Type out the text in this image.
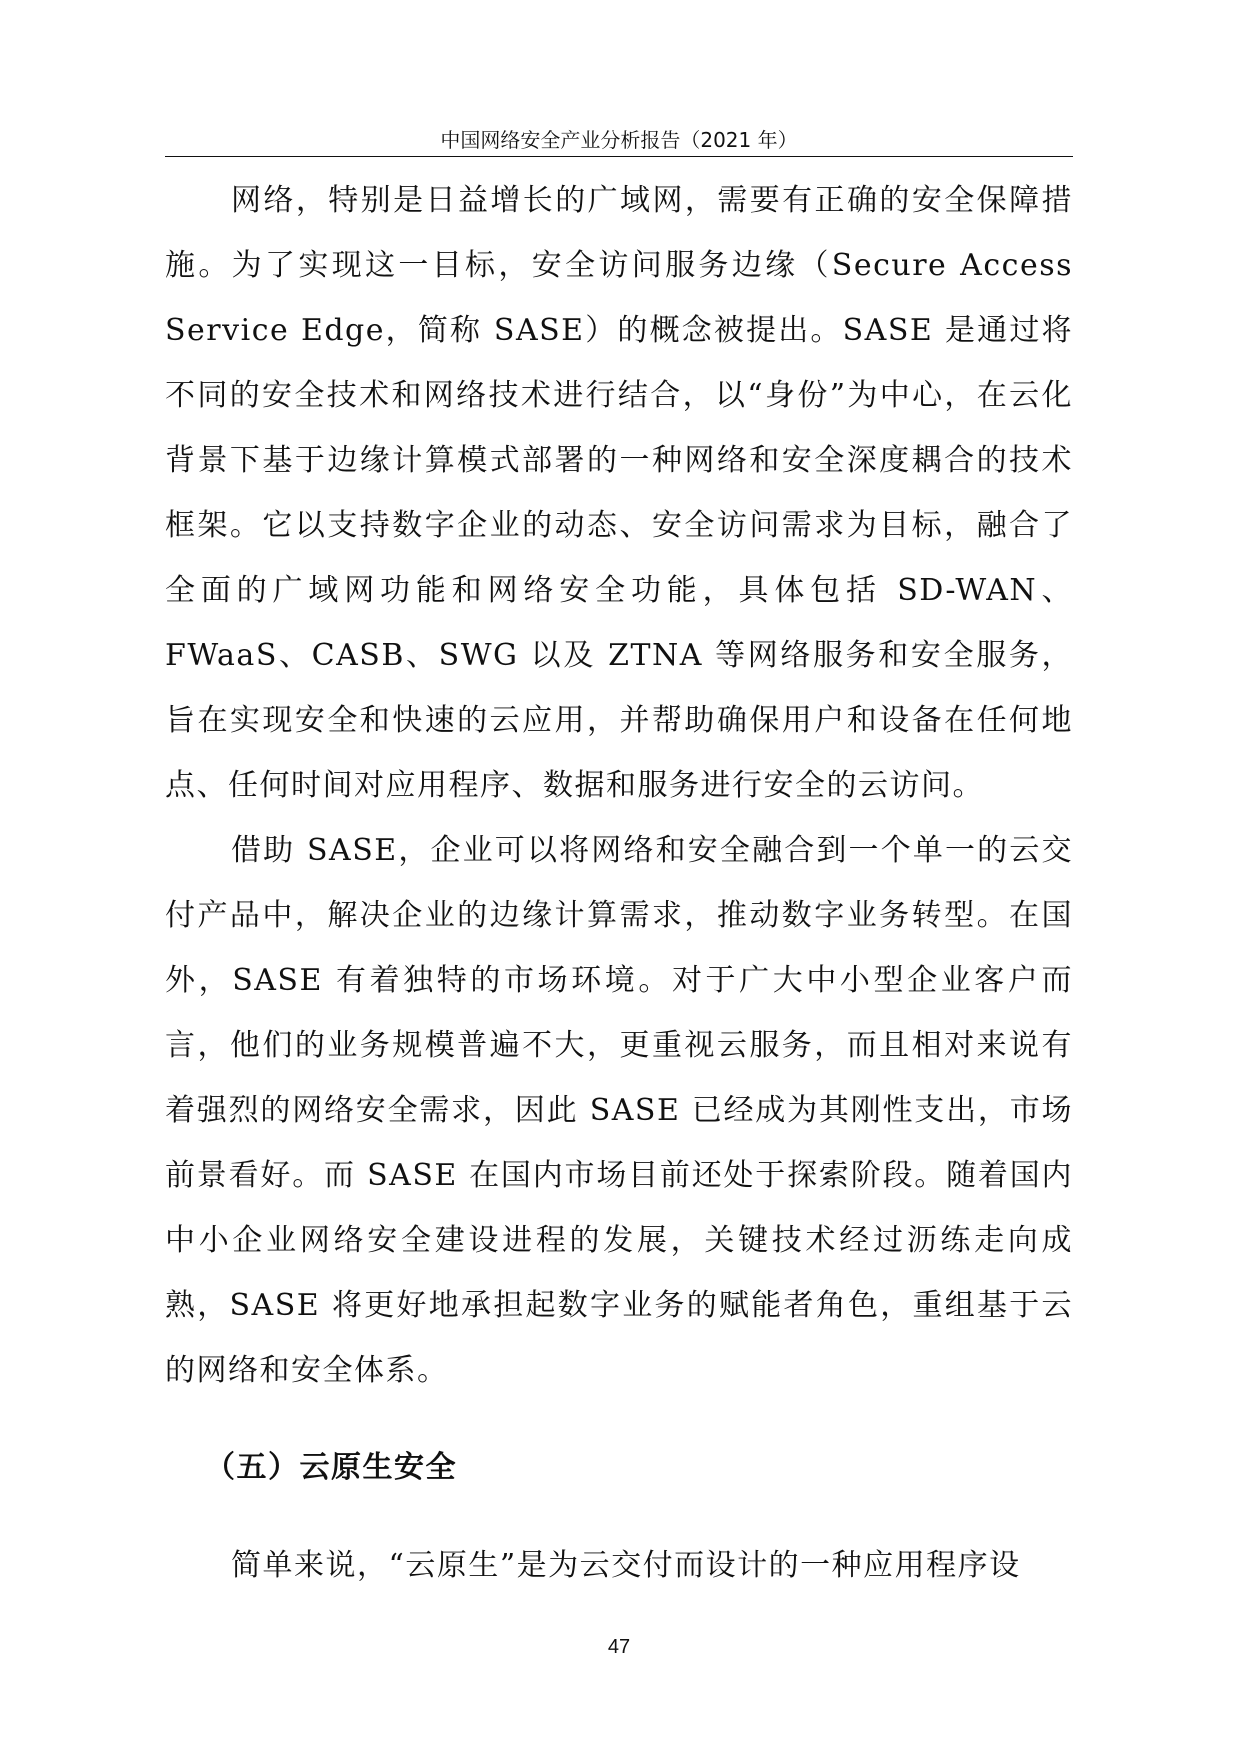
中国网络安全产业分析报告（2021 年）

网络，特别是日益增长的广域网，需要有正确的安全保障措施。为了实现这一目标，安全访问服务边缘（Secure Access Service Edge，简称 SASE）的概念被提出。SASE 是通过将不同的安全技术和网络技术进行结合，以“身份”为中心，在云化背景下基于边缘计算模式部署的一种网络和安全深度耦合的技术框架。它以支持数字企业的动态、安全访问需求为目标，融合了全面的广域网功能和网络安全功能，具体包括 SD-WAN、FWaaS、CASB、SWG 以及 ZTNA 等网络服务和安全服务，旨在实现安全和快速的云应用，并帮助确保用户和设备在任何地点、任何时间对应用程序、数据和服务进行安全的云访问。

借助 SASE，企业可以将网络和安全融合到一个单一的云交付产品中，解决企业的边缘计算需求，推动数字业务转型。在国外，SASE 有着独特的市场环境。对于广大中小型企业客户而言，他们的业务规模普遍不大，更重视云服务，而且相对来说有着强烈的网络安全需求，因此 SASE 已经成为其刚性支出，市场前景看好。而 SASE 在国内市场目前还处于探索阶段。随着国内中小企业网络安全建设进程的发展，关键技术经过沥练走向成熟，SASE 将更好地承担起数字业务的赋能者角色，重组基于云的网络和安全体系。

（五）云原生安全

简单来说，“云原生”是为云交付而设计的一种应用程序设

47
